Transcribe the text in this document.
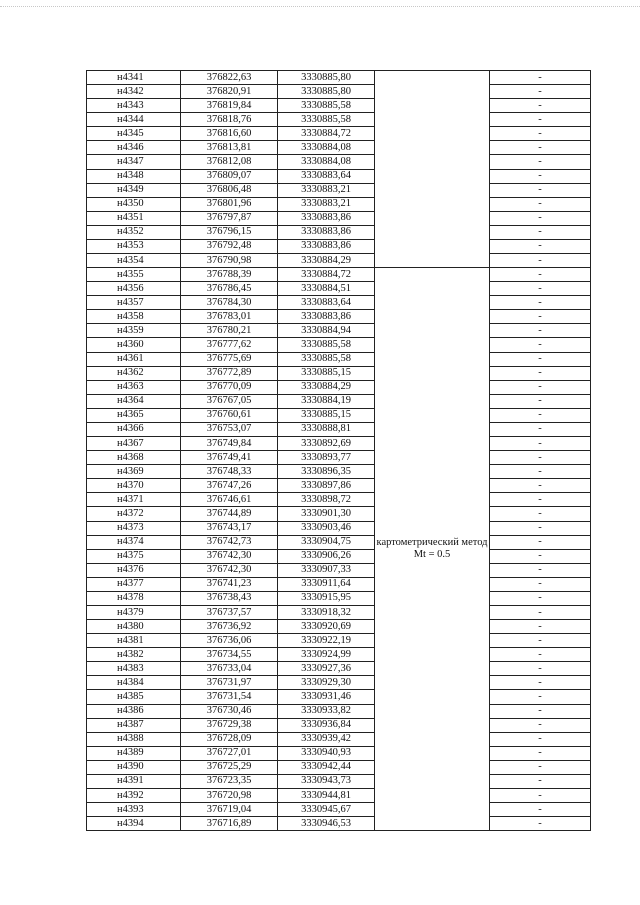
н4341	376822,63	3330885,80		-
н4342	376820,91	3330885,80		-
н4343	376819,84	3330885,58		-
н4344	376818,76	3330885,58		-
н4345	376816,60	3330884,72		-
н4346	376813,81	3330884,08		-
н4347	376812,08	3330884,08		-
н4348	376809,07	3330883,64		-
н4349	376806,48	3330883,21		-
н4350	376801,96	3330883,21		-
н4351	376797,87	3330883,86		-
н4352	376796,15	3330883,86		-
н4353	376792,48	3330883,86		-
н4354	376790,98	3330884,29		-
н4355	376788,39	3330884,72	картометрический метод Mt = 0.5	-
н4356	376786,45	3330884,51		-
н4357	376784,30	3330883,64		-
н4358	376783,01	3330883,86		-
н4359	376780,21	3330884,94		-
н4360	376777,62	3330885,58		-
н4361	376775,69	3330885,58		-
н4362	376772,89	3330885,15		-
н4363	376770,09	3330884,29		-
н4364	376767,05	3330884,19		-
н4365	376760,61	3330885,15		-
н4366	376753,07	3330888,81		-
н4367	376749,84	3330892,69		-
н4368	376749,41	3330893,77		-
н4369	376748,33	3330896,35		-
н4370	376747,26	3330897,86		-
н4371	376746,61	3330898,72		-
н4372	376744,89	3330901,30		-
н4373	376743,17	3330903,46		-
н4374	376742,73	3330904,75		-
н4375	376742,30	3330906,26		-
н4376	376742,30	3330907,33		-
н4377	376741,23	3330911,64		-
н4378	376738,43	3330915,95		-
н4379	376737,57	3330918,32		-
н4380	376736,92	3330920,69		-
н4381	376736,06	3330922,19		-
н4382	376734,55	3330924,99		-
н4383	376733,04	3330927,36		-
н4384	376731,97	3330929,30		-
н4385	376731,54	3330931,46		-
н4386	376730,46	3330933,82		-
н4387	376729,38	3330936,84		-
н4388	376728,09	3330939,42		-
н4389	376727,01	3330940,93		-
н4390	376725,29	3330942,44		-
н4391	376723,35	3330943,73		-
н4392	376720,98	3330944,81		-
н4393	376719,04	3330945,67		-
н4394	376716,89	3330946,53		-
